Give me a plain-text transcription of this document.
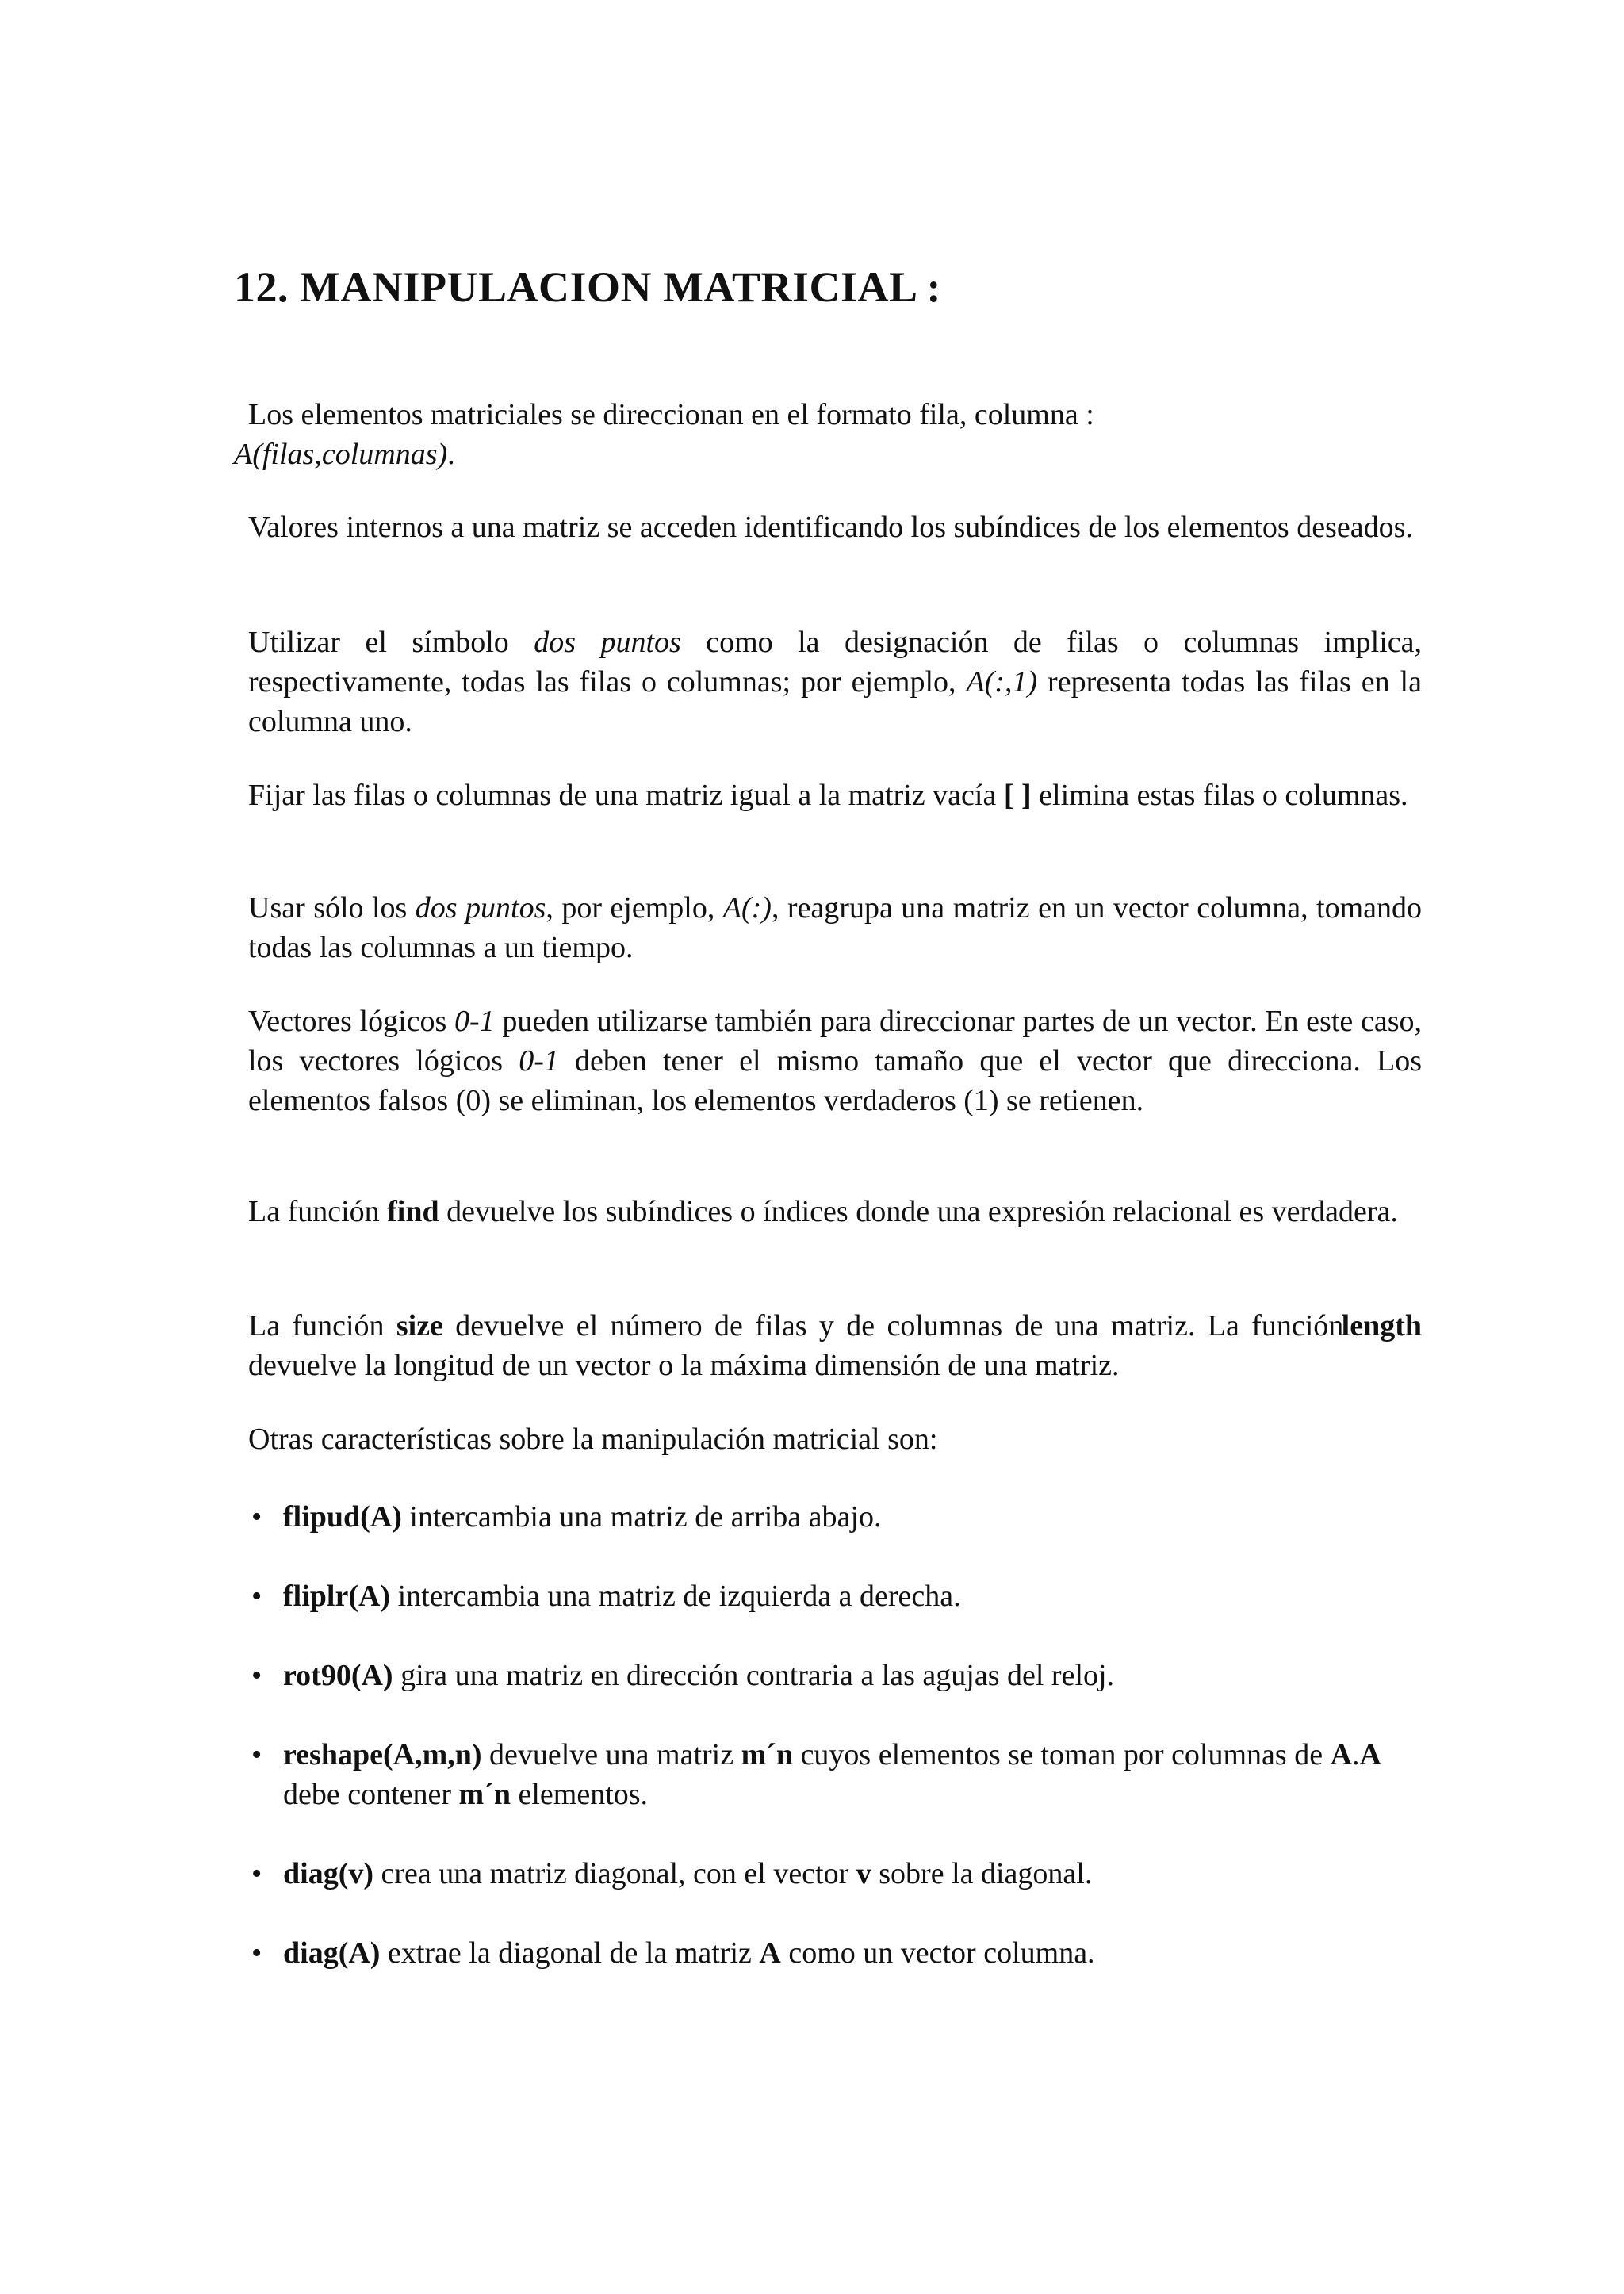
12. MANIPULACION MATRICIAL :

Los elementos matriciales se direccionan en el formato fila, columna :
A(filas,columnas).

Valores internos a una matriz se acceden identificando los subíndices de los elementos deseados.

Utilizar el símbolo dos puntos como la designación de filas o columnas implica, respectivamente, todas las filas o columnas; por ejemplo, A(:,1) representa todas las filas en la columna uno.

Fijar las filas o columnas de una matriz igual a la matriz vacía [ ] elimina estas filas o columnas.

Usar sólo los dos puntos, por ejemplo, A(:), reagrupa una matriz en un vector columna, tomando todas las columnas a un tiempo.

Vectores lógicos 0-1 pueden utilizarse también para direccionar partes de un vector. En este caso, los vectores lógicos 0-1 deben tener el mismo tamaño que el vector que direcciona. Los elementos falsos (0) se eliminan, los elementos verdaderos (1) se retienen.

La función find devuelve los subíndices o índices donde una expresión relacional es verdadera.

La función size devuelve el número de filas y de columnas de una matriz. La función length devuelve la longitud de un vector o la máxima dimensión de una matriz.

Otras características sobre la manipulación matricial son:

• flipud(A) intercambia una matriz de arriba abajo.
• fliplr(A) intercambia una matriz de izquierda a derecha.
• rot90(A) gira una matriz en dirección contraria a las agujas del reloj.
• reshape(A,m,n) devuelve una matriz m´n cuyos elementos se toman por columnas de A.A debe contener m´n elementos.
• diag(v) crea una matriz diagonal, con el vector v sobre la diagonal.
• diag(A) extrae la diagonal de la matriz A como un vector columna.
